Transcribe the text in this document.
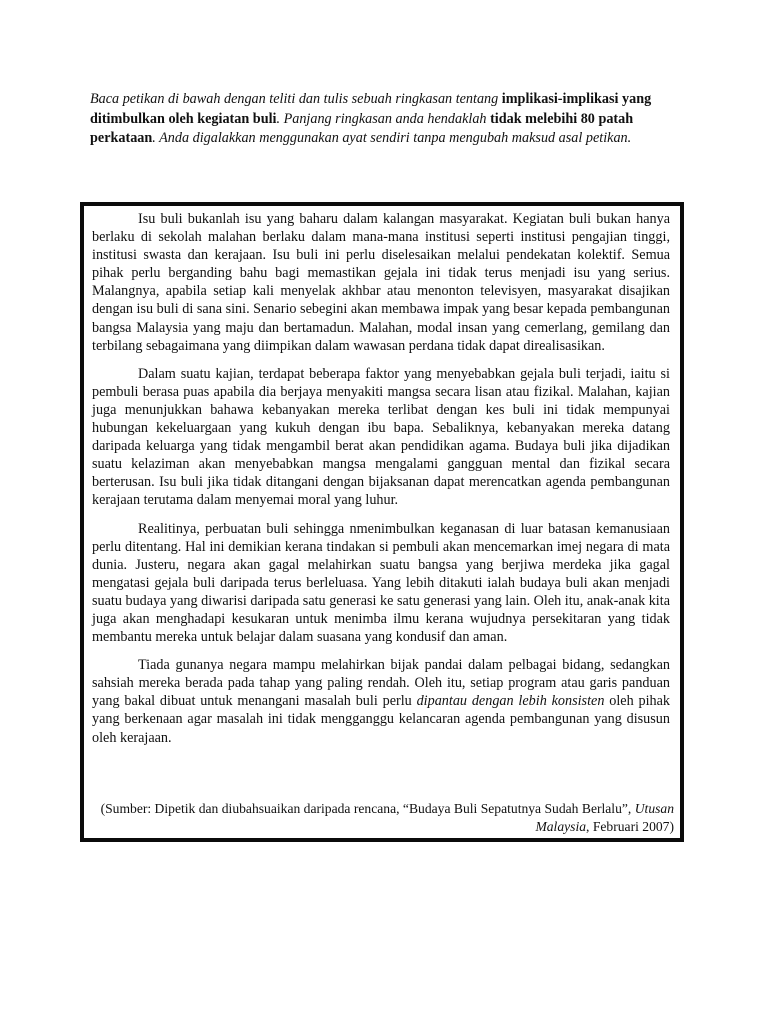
Baca petikan di bawah dengan teliti dan tulis sebuah ringkasan tentang implikasi-implikasi yang ditimbulkan oleh kegiatan buli. Panjang ringkasan anda hendaklah tidak melebihi 80 patah perkataan. Anda digalakkan menggunakan ayat sendiri tanpa mengubah maksud asal petikan.

Isu buli bukanlah isu yang baharu dalam kalangan masyarakat. Kegiatan buli bukan hanya berlaku di sekolah malahan berlaku dalam mana-mana institusi seperti institusi pengajian tinggi, institusi swasta dan kerajaan. Isu buli ini perlu diselesaikan melalui pendekatan kolektif. Semua pihak perlu berganding bahu bagi memastikan gejala ini tidak terus menjadi isu yang serius. Malangnya, apabila setiap kali menyelak akhbar atau menonton televisyen, masyarakat disajikan dengan isu buli di sana sini. Senario sebegini akan membawa impak yang besar kepada pembangunan bangsa Malaysia yang maju dan bertamadun. Malahan, modal insan yang cemerlang, gemilang dan terbilang sebagaimana yang diimpikan dalam wawasan perdana tidak dapat direalisasikan.

Dalam suatu kajian, terdapat beberapa faktor yang menyebabkan gejala buli terjadi, iaitu si pembuli berasa puas apabila dia berjaya menyakiti mangsa secara lisan atau fizikal. Malahan, kajian juga menunjukkan bahawa kebanyakan mereka terlibat dengan kes buli ini tidak mempunyai hubungan kekeluargaan yang kukuh dengan ibu bapa. Sebaliknya, kebanyakan mereka datang daripada keluarga yang tidak mengambil berat akan pendidikan agama. Budaya buli jika dijadikan suatu kelaziman akan menyebabkan mangsa mengalami gangguan mental dan fizikal secara berterusan. Isu buli jika tidak ditangani dengan bijaksanan dapat merencatkan agenda pembangunan kerajaan terutama dalam menyemai moral yang luhur.

Realitinya, perbuatan buli sehingga nmenimbulkan keganasan di luar batasan kemanusiaan perlu ditentang. Hal ini demikian kerana tindakan si pembuli akan mencemarkan imej negara di mata dunia. Justeru, negara akan gagal melahirkan suatu bangsa yang berjiwa merdeka jika gagal mengatasi gejala buli daripada terus berleluasa. Yang lebih ditakuti ialah budaya buli akan menjadi suatu budaya yang diwarisi daripada satu generasi ke satu generasi yang lain. Oleh itu, anak-anak kita juga akan menghadapi kesukaran untuk menimba ilmu kerana wujudnya persekitaran yang tidak membantu mereka untuk belajar dalam suasana yang kondusif dan aman.

Tiada gunanya negara mampu melahirkan bijak pandai dalam pelbagai bidang, sedangkan sahsiah mereka berada pada tahap yang paling rendah. Oleh itu, setiap program atau garis panduan yang bakal dibuat untuk menangani masalah buli perlu dipantau dengan lebih konsisten oleh pihak yang berkenaan agar masalah ini tidak mengganggu kelancaran agenda pembangunan yang disusun oleh kerajaan.

(Sumber: Dipetik dan diubahsuaikan daripada rencana, “Budaya Buli Sepatutnya Sudah Berlalu”, Utusan Malaysia, Februari 2007)
